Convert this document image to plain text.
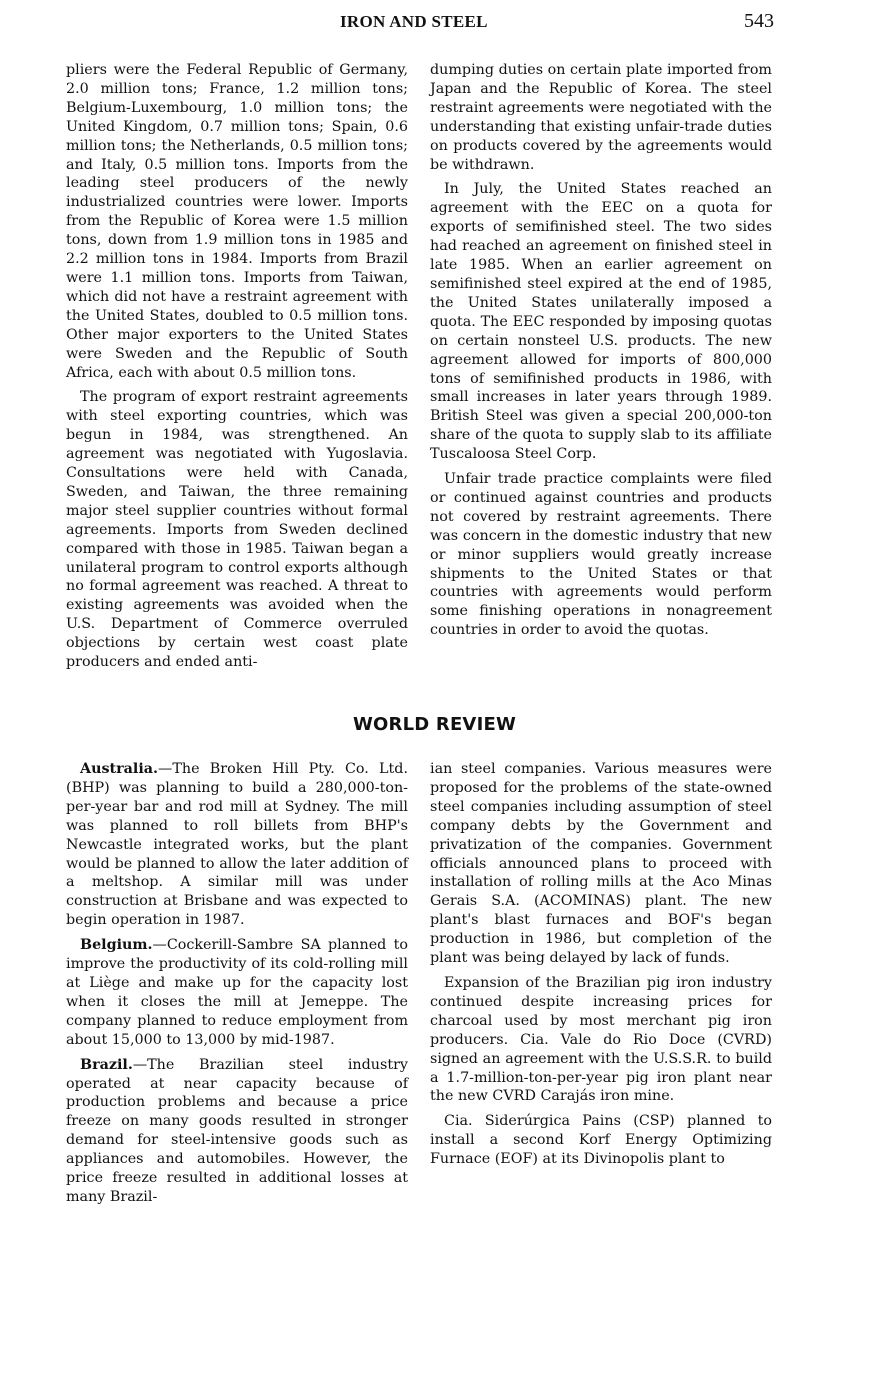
IRON AND STEEL	543

pliers were the Federal Republic of Germany, 2.0 million tons; France, 1.2 million tons; Belgium-Luxembourg, 1.0 million tons; the United Kingdom, 0.7 million tons; Spain, 0.6 million tons; the Netherlands, 0.5 million tons; and Italy, 0.5 million tons. Imports from the leading steel producers of the newly industrialized countries were lower. Imports from the Republic of Korea were 1.5 million tons, down from 1.9 million tons in 1985 and 2.2 million tons in 1984. Imports from Brazil were 1.1 million tons. Imports from Taiwan, which did not have a restraint agreement with the United States, doubled to 0.5 million tons. Other major exporters to the United States were Sweden and the Republic of South Africa, each with about 0.5 million tons.

The program of export restraint agreements with steel exporting countries, which was begun in 1984, was strengthened. An agreement was negotiated with Yugoslavia. Consultations were held with Canada, Sweden, and Taiwan, the three remaining major steel supplier countries without formal agreements. Imports from Sweden declined compared with those in 1985. Taiwan began a unilateral program to control exports although no formal agreement was reached. A threat to existing agreements was avoided when the U.S. Department of Commerce overruled objections by certain west coast plate producers and ended anti-

dumping duties on certain plate imported from Japan and the Republic of Korea. The steel restraint agreements were negotiated with the understanding that existing unfair-trade duties on products covered by the agreements would be withdrawn.

In July, the United States reached an agreement with the EEC on a quota for exports of semifinished steel. The two sides had reached an agreement on finished steel in late 1985. When an earlier agreement on semifinished steel expired at the end of 1985, the United States unilaterally imposed a quota. The EEC responded by imposing quotas on certain nonsteel U.S. products. The new agreement allowed for imports of 800,000 tons of semifinished products in 1986, with small increases in later years through 1989. British Steel was given a special 200,000-ton share of the quota to supply slab to its affiliate Tuscaloosa Steel Corp.

Unfair trade practice complaints were filed or continued against countries and products not covered by restraint agreements. There was concern in the domestic industry that new or minor suppliers would greatly increase shipments to the United States or that countries with agreements would perform some finishing operations in nonagreement countries in order to avoid the quotas.

WORLD REVIEW

Australia.—The Broken Hill Pty. Co. Ltd. (BHP) was planning to build a 280,000-ton-per-year bar and rod mill at Sydney. The mill was planned to roll billets from BHP's Newcastle integrated works, but the plant would be planned to allow the later addition of a meltshop. A similar mill was under construction at Brisbane and was expected to begin operation in 1987.

Belgium.—Cockerill-Sambre SA planned to improve the productivity of its cold-rolling mill at Liège and make up for the capacity lost when it closes the mill at Jemeppe. The company planned to reduce employment from about 15,000 to 13,000 by mid-1987.

Brazil.—The Brazilian steel industry operated at near capacity because of production problems and because a price freeze on many goods resulted in stronger demand for steel-intensive goods such as appliances and automobiles. However, the price freeze resulted in additional losses at many Brazil-

ian steel companies. Various measures were proposed for the problems of the state-owned steel companies including assumption of steel company debts by the Government and privatization of the companies. Government officials announced plans to proceed with installation of rolling mills at the Aco Minas Gerais S.A. (ACOMINAS) plant. The new plant's blast furnaces and BOF's began production in 1986, but completion of the plant was being delayed by lack of funds.

Expansion of the Brazilian pig iron industry continued despite increasing prices for charcoal used by most merchant pig iron producers. Cia. Vale do Rio Doce (CVRD) signed an agreement with the U.S.S.R. to build a 1.7-million-ton-per-year pig iron plant near the new CVRD Carajás iron mine.

Cia. Siderúrgica Pains (CSP) planned to install a second Korf Energy Optimizing Furnace (EOF) at its Divinopolis plant to
